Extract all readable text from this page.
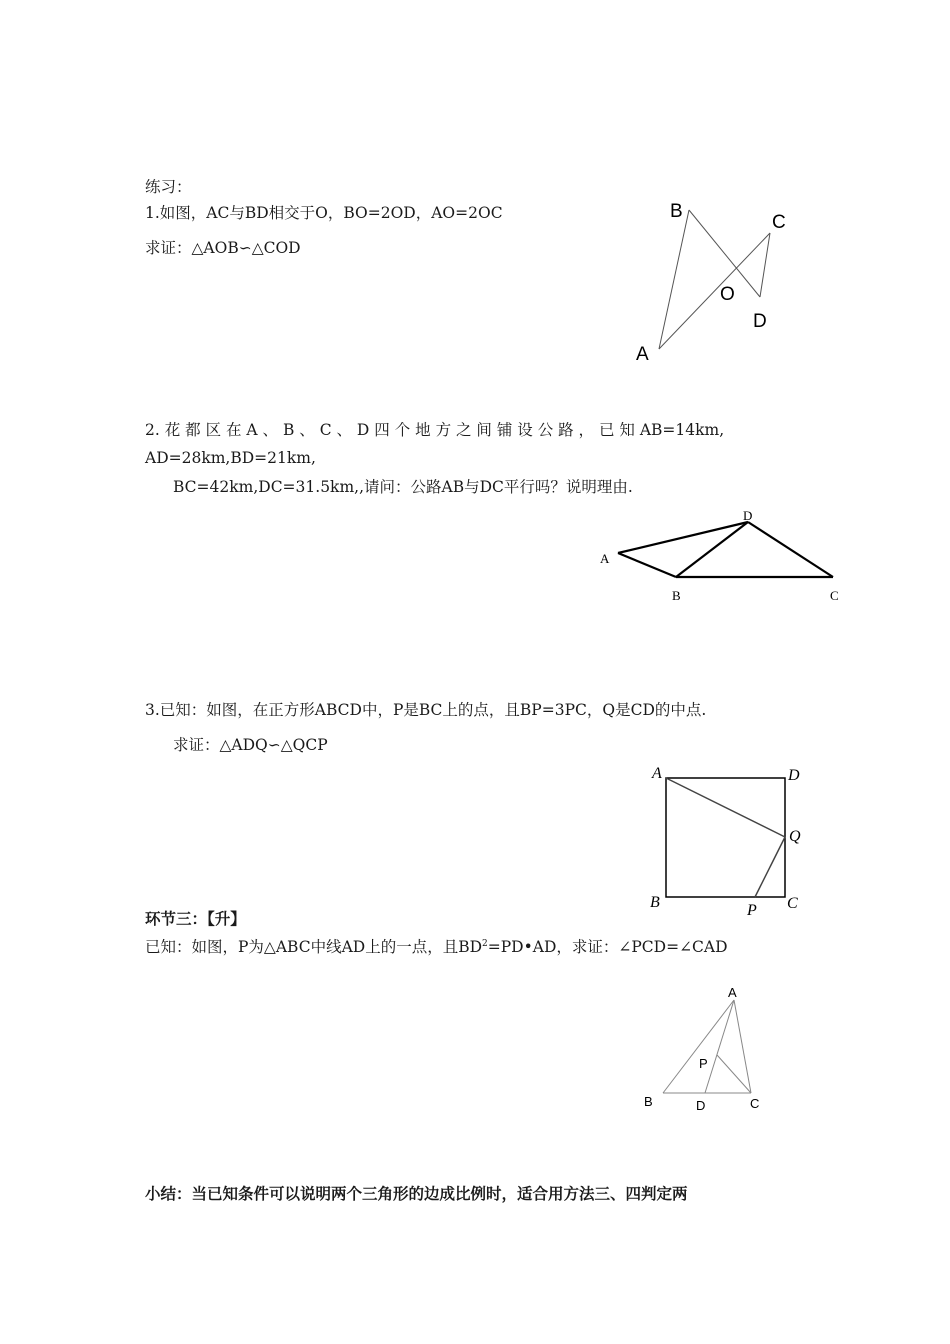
练习：

1.如图，AC与BD相交于O，BO=2OD，AO=2OC

求证：△AOB∽△COD

B
C
O
D
A

2. 花 都 区 在 A 、 B 、 C 、 D 四 个 地 方 之 间 铺 设 公 路 ， 已 知 AB=14km,

AD=28km,BD=21km,

BC=42km,DC=31.5km,,请问：公路AB与DC平行吗？说明理由.

A
D
B	C

3.已知：如图，在正方形ABCD中，P是BC上的点，且BP=3PC，Q是CD的中点.

求证：△ADQ∽△QCP

A	D
Q
B	P C

环节三：【升】

已知：如图，P为△ABC中线AD上的一点，且$BD^2=PD•AD$，求证：∠PCD=∠CAD

A
P
B	D	C

小结：当已知条件可以说明两个三角形的边成比例时，适合用方法三、四判定两
